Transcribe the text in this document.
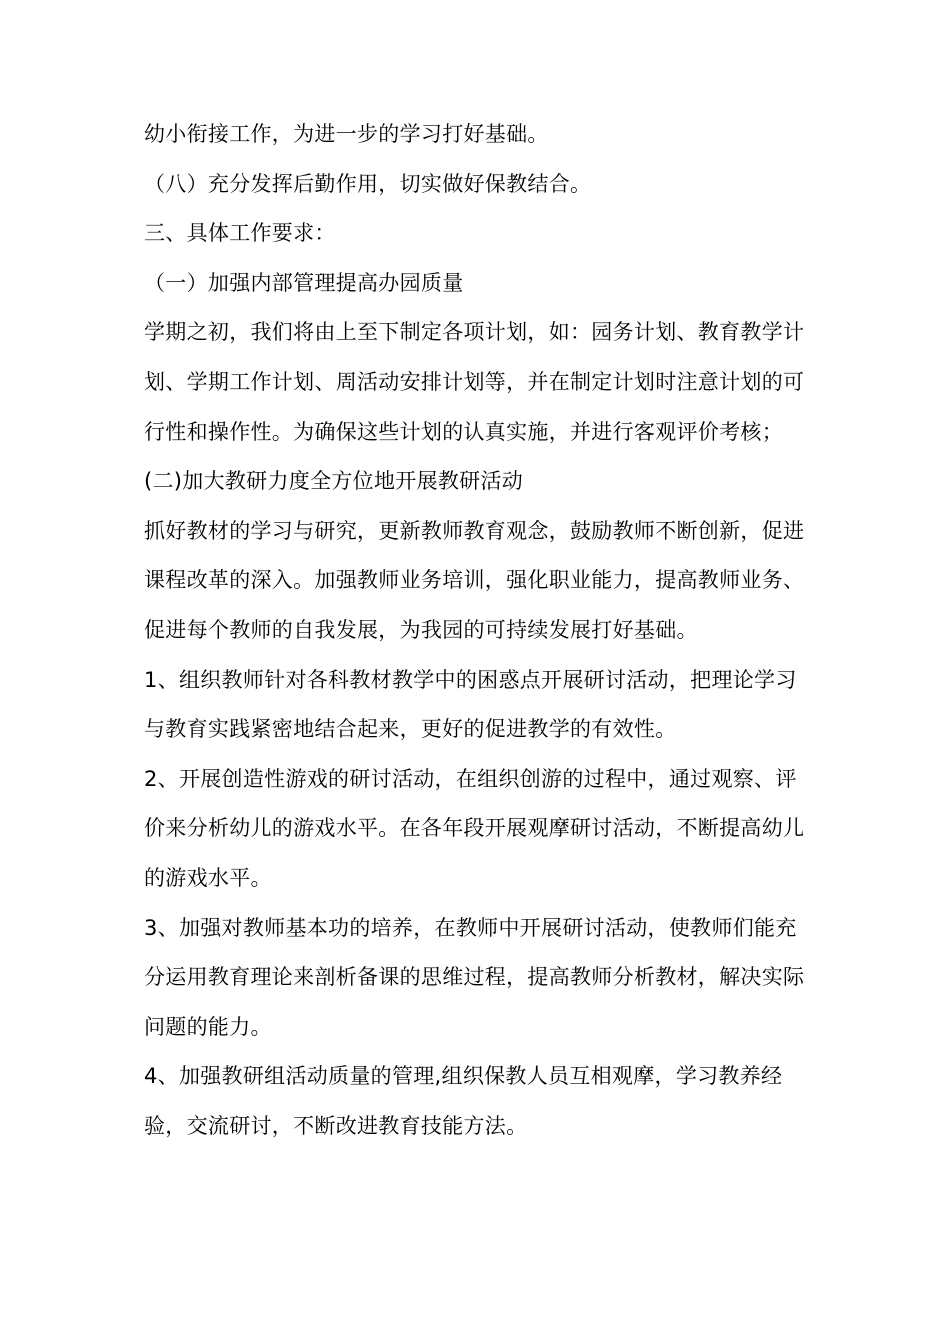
幼小衔接工作，为进一步的学习打好基础。

（八）充分发挥后勤作用，切实做好保教结合。

三、具体工作要求：

（一）加强内部管理提高办园质量

学期之初，我们将由上至下制定各项计划，如：园务计划、教育教学计划、学期工作计划、周活动安排计划等，并在制定计划时注意计划的可行性和操作性。为确保这些计划的认真实施，并进行客观评价考核；

(二)加大教研力度全方位地开展教研活动

抓好教材的学习与研究，更新教师教育观念，鼓励教师不断创新，促进课程改革的深入。加强教师业务培训，强化职业能力，提高教师业务、促进每个教师的自我发展，为我园的可持续发展打好基础。

1、组织教师针对各科教材教学中的困惑点开展研讨活动，把理论学习与教育实践紧密地结合起来，更好的促进教学的有效性。

2、开展创造性游戏的研讨活动，在组织创游的过程中，通过观察、评价来分析幼儿的游戏水平。在各年段开展观摩研讨活动，不断提高幼儿的游戏水平。

3、加强对教师基本功的培养，在教师中开展研讨活动，使教师们能充分运用教育理论来剖析备课的思维过程，提高教师分析教材，解决实际问题的能力。

4、加强教研组活动质量的管理,组织保教人员互相观摩，学习教养经验，交流研讨，不断改进教育技能方法。
